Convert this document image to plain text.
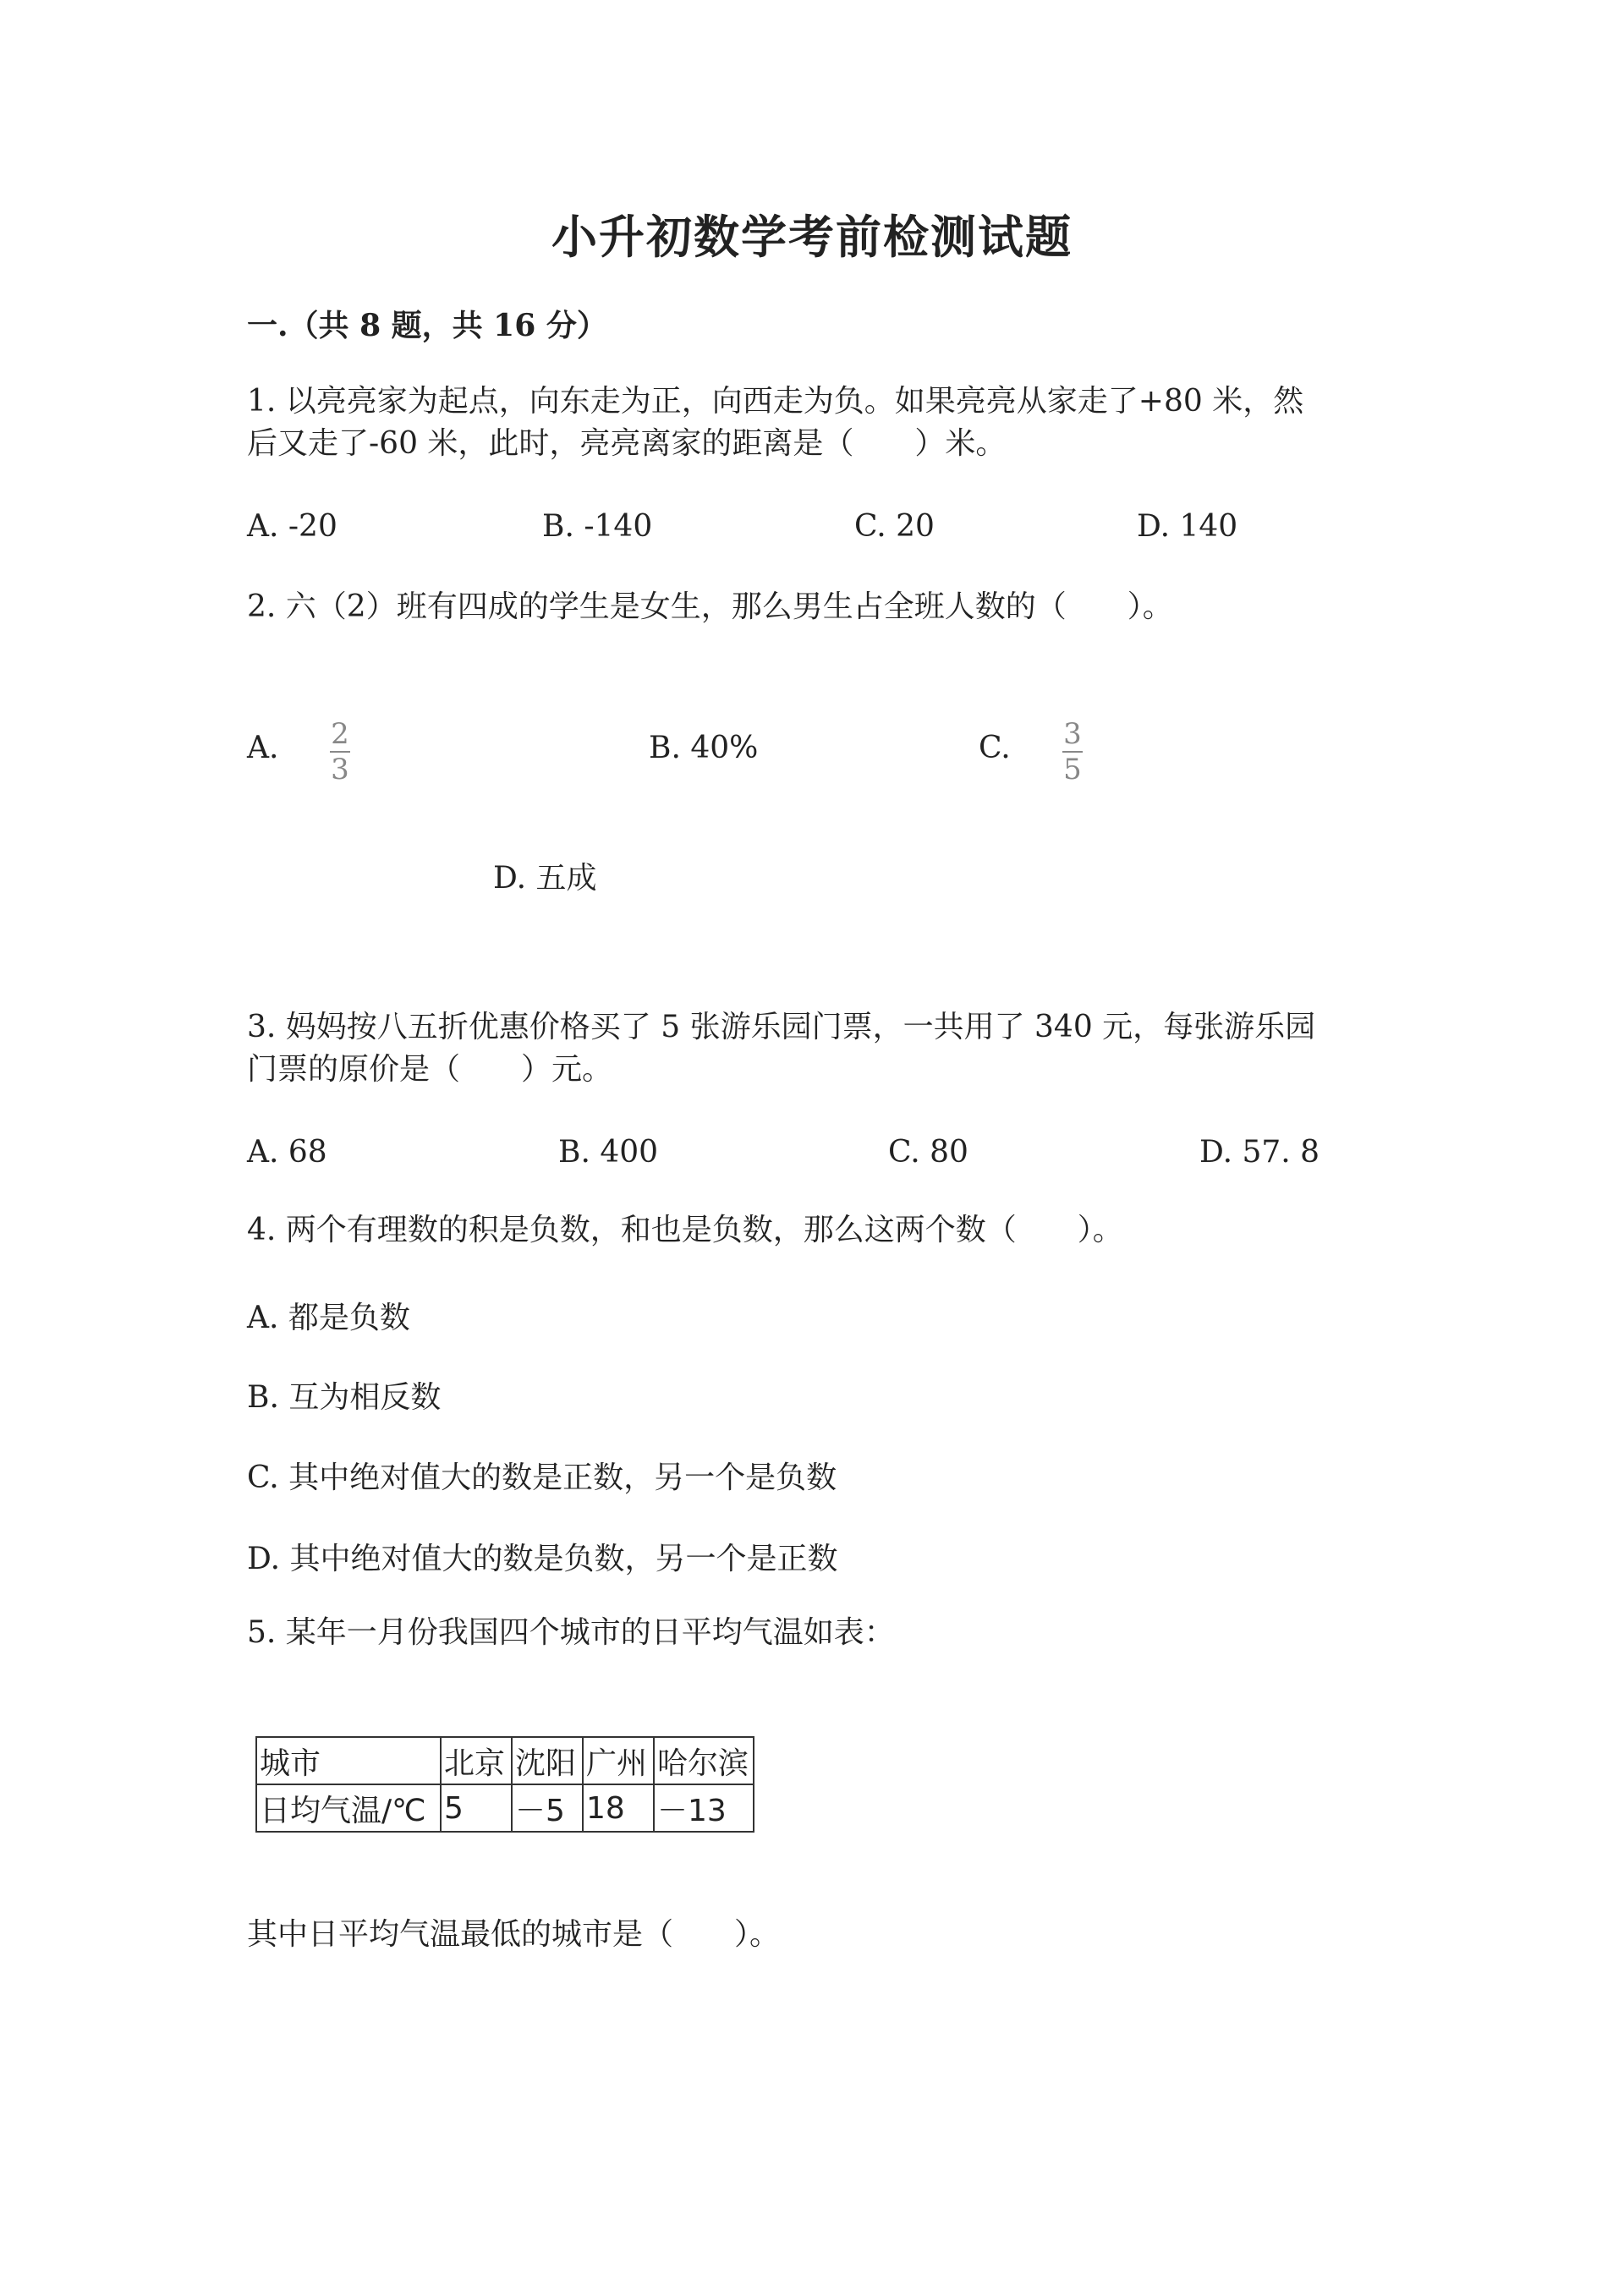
小升初数学考前检测试题
一.（共 8 题，共 16 分）
1. 以亮亮家为起点，向东走为正，向西走为负。如果亮亮从家走了+80 米，然
后又走了-60 米，此时，亮亮离家的距离是（　　）米。
A. -20	B. -140	C. 20	D. 140
2. 六（2）班有四成的学生是女生，那么男生占全班人数的（　　）。
A. 2
3
B. 40%	C. 3
5
D. 五成
3. 妈妈按八五折优惠价格买了 5 张游乐园门票，一共用了 340 元，每张游乐园
门票的原价是（　　）元。
A. 68	B. 400	C. 80	D. 57. 8
4. 两个有理数的积是负数，和也是负数，那么这两个数（　　）。
A. 都是负数
B. 互为相反数
C. 其中绝对值大的数是正数，另一个是负数
D. 其中绝对值大的数是负数，另一个是正数
5. 某年一月份我国四个城市的日平均气温如表：
城市	北京	沈阳	广州	哈尔滨
日均气温/℃	5	－5	18	－13
其中日平均气温最低的城市是（　　）。
